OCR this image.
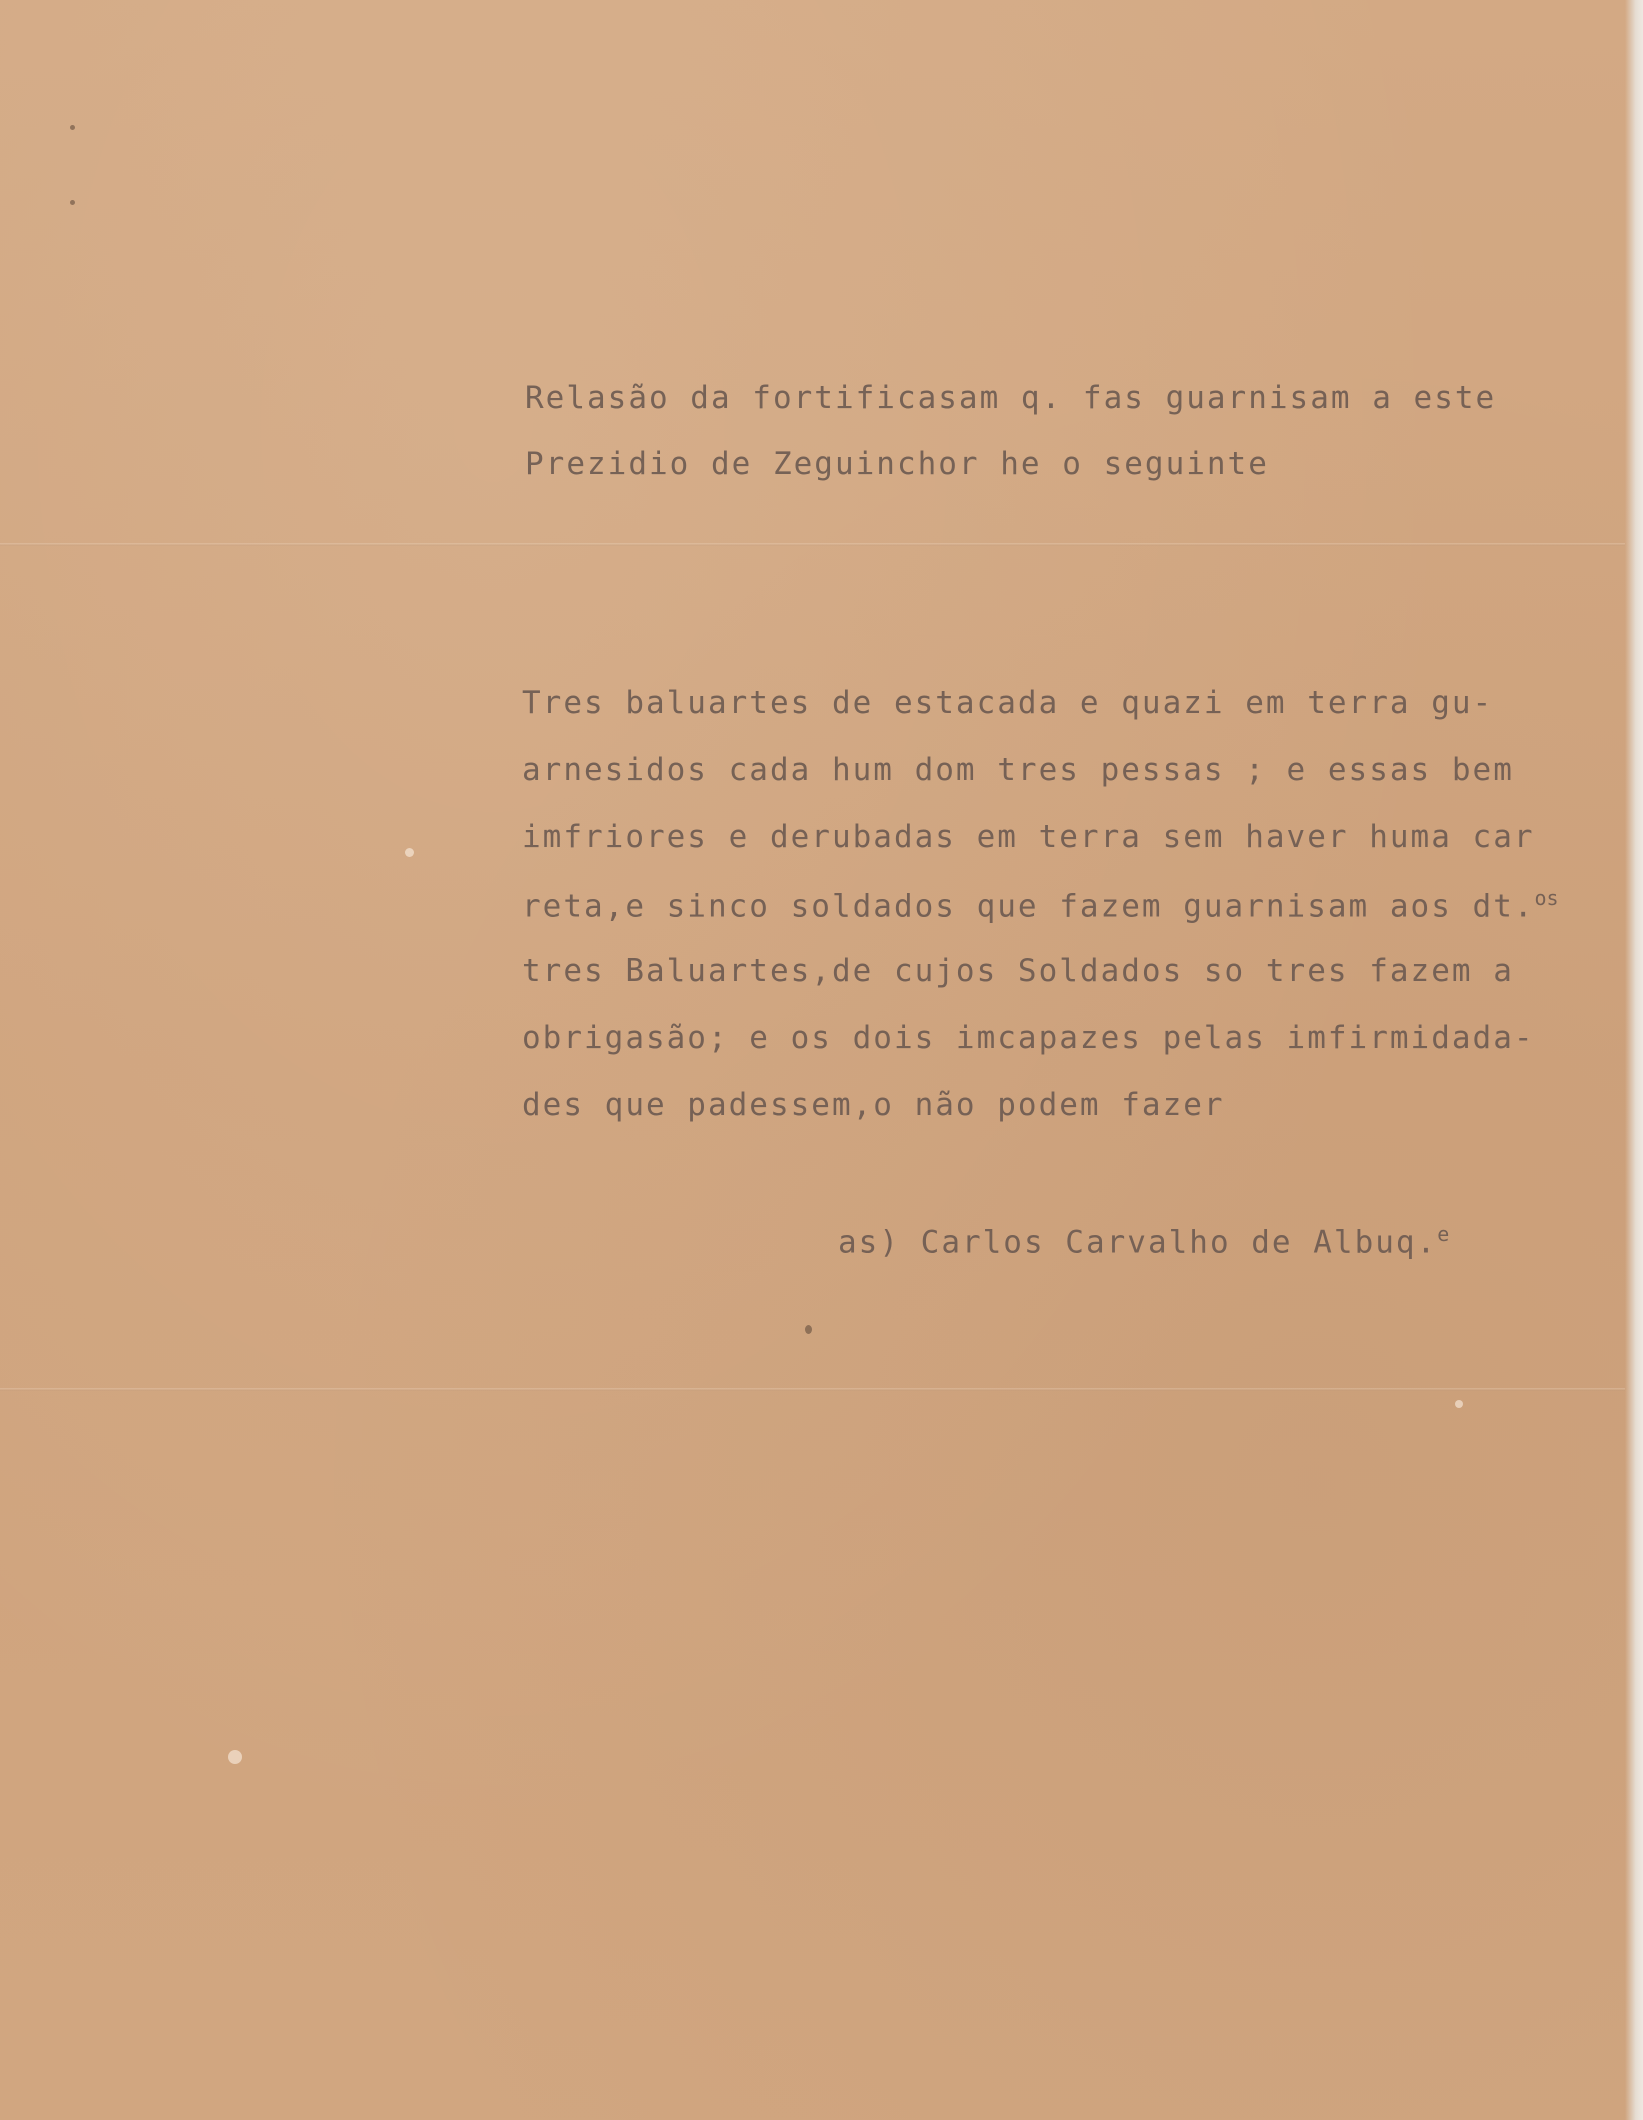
Relasão da fortificasam q. fas guarnisam a este
Prezidio de Zeguinchor he o seguinte
Tres baluartes de estacada e quazi em terra gu-
arnesidos cada hum dom tres pessas ; e essas bem
imfriores e derubadas em terra sem haver huma car
reta,e sinco soldados que fazem guarnisam aos dt.$^{os}$
tres Baluartes,de cujos Soldados so tres fazem a
obrigasão; e os dois imcapazes pelas imfirmidada-
des que padessem,o não podem fazer
as) Carlos Carvalho de Albuq.$^e$
